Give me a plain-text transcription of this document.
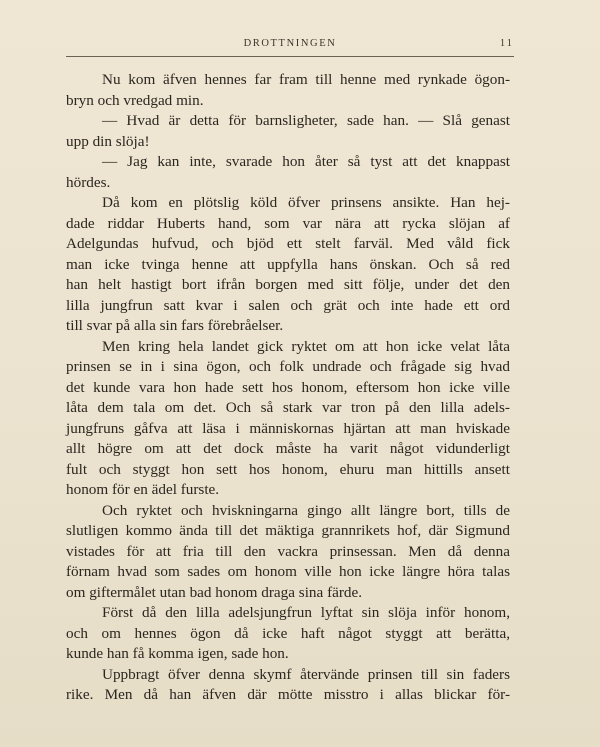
DROTTNINGEN	11
Nu kom äfven hennes far fram till henne med rynkade ögon-
bryn och vredgad min.
— Hvad är detta för barnsligheter, sade han. — Slå genast
upp din slöja!
— Jag kan inte, svarade hon åter så tyst att det knappast
hördes.
Då kom en plötslig köld öfver prinsens ansikte. Han hej-
dade riddar Huberts hand, som var nära att rycka slöjan af
Adelgundas hufvud, och bjöd ett stelt farväl. Med våld fick
man icke tvinga henne att uppfylla hans önskan. Och så red
han helt hastigt bort ifrån borgen med sitt följe, under det den
lilla jungfrun satt kvar i salen och grät och inte hade ett ord
till svar på alla sin fars förebråelser.
Men kring hela landet gick ryktet om att hon icke velat låta
prinsen se in i sina ögon, och folk undrade och frågade sig hvad
det kunde vara hon hade sett hos honom, eftersom hon icke ville
låta dem tala om det. Och så stark var tron på den lilla adels-
jungfruns gåfva att läsa i människornas hjärtan att man hviskade
allt högre om att det dock måste ha varit något vidunderligt
fult och styggt hon sett hos honom, ehuru man hittills ansett
honom för en ädel furste.
Och ryktet och hviskningarna gingo allt längre bort, tills de
slutligen kommo ända till det mäktiga grannrikets hof, där Sigmund
vistades för att fria till den vackra prinsessan. Men då denna
förnam hvad som sades om honom ville hon icke längre höra talas
om giftermålet utan bad honom draga sina färde.
Först då den lilla adelsjungfrun lyftat sin slöja inför honom,
och om hennes ögon då icke haft något styggt att berätta,
kunde han få komma igen, sade hon.
Uppbragt öfver denna skymf återvände prinsen till sin faders
rike. Men då han äfven där mötte misstro i allas blickar för-
